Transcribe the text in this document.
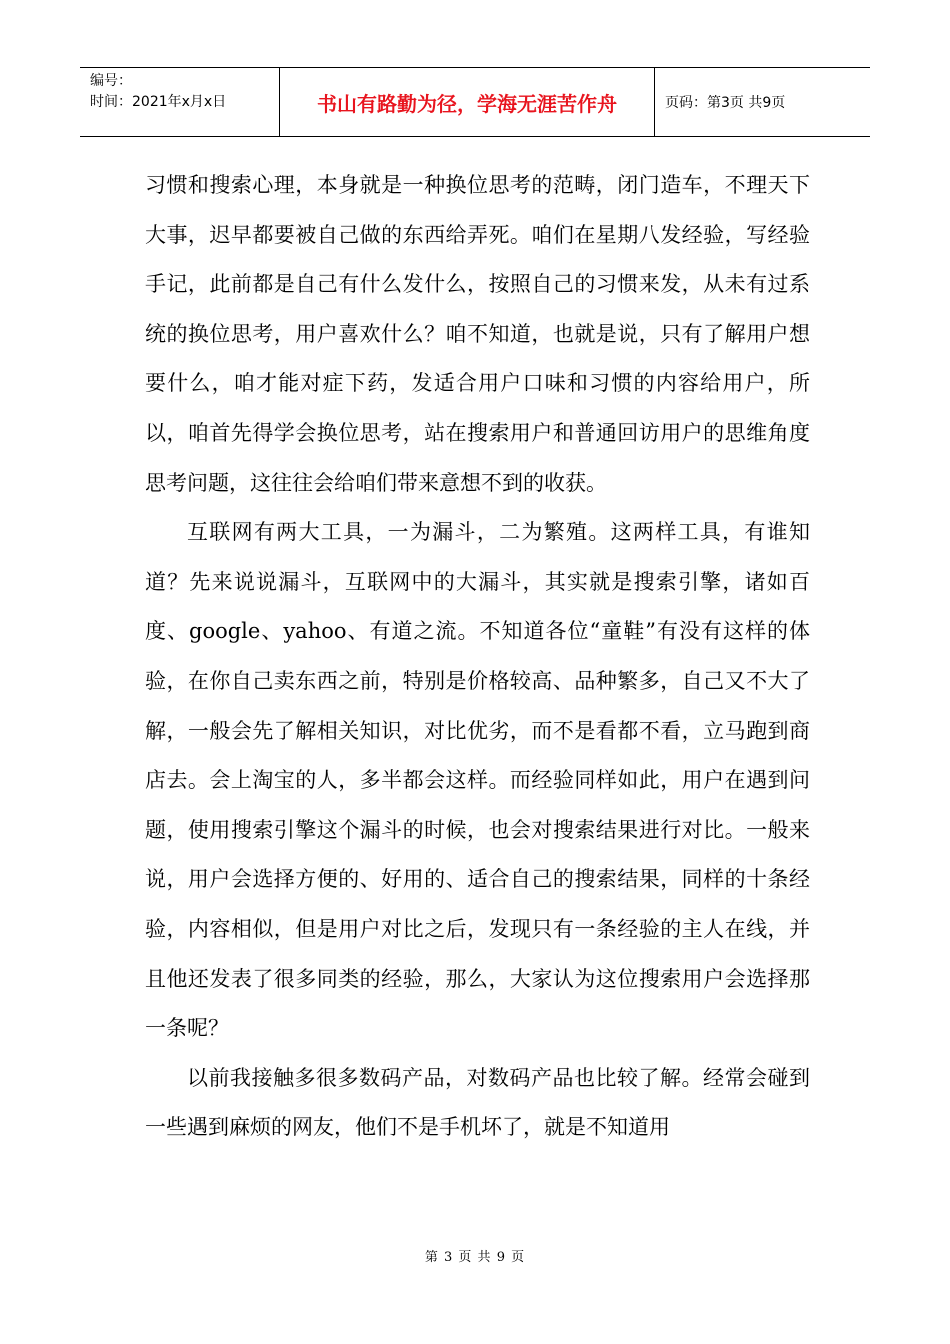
编号：
时间：2021年x月x日	书山有路勤为径，学海无涯苦作舟	页码：第3页 共9页

习惯和搜索心理，本身就是一种换位思考的范畴，闭门造车，不理天下大事，迟早都要被自己做的东西给弄死。咱们在星期八发经验，写经验手记，此前都是自己有什么发什么，按照自己的习惯来发，从未有过系统的换位思考，用户喜欢什么？咱不知道，也就是说，只有了解用户想要什么，咱才能对症下药，发适合用户口味和习惯的内容给用户，所以，咱首先得学会换位思考，站在搜索用户和普通回访用户的思维角度思考问题，这往往会给咱们带来意想不到的收获。

互联网有两大工具，一为漏斗，二为繁殖。这两样工具，有谁知道？先来说说漏斗，互联网中的大漏斗，其实就是搜索引擎，诸如百度、google、yahoo、有道之流。不知道各位“童鞋”有没有这样的体验，在你自己卖东西之前，特别是价格较高、品种繁多，自己又不大了解，一般会先了解相关知识，对比优劣，而不是看都不看，立马跑到商店去。会上淘宝的人，多半都会这样。而经验同样如此，用户在遇到问题，使用搜索引擎这个漏斗的时候，也会对搜索结果进行对比。一般来说，用户会选择方便的、好用的、适合自己的搜索结果，同样的十条经验，内容相似，但是用户对比之后，发现只有一条经验的主人在线，并且他还发表了很多同类的经验，那么，大家认为这位搜索用户会选择那一条呢？

以前我接触多很多数码产品，对数码产品也比较了解。经常会碰到一些遇到麻烦的网友，他们不是手机坏了，就是不知道用

第 3 页 共 9 页
